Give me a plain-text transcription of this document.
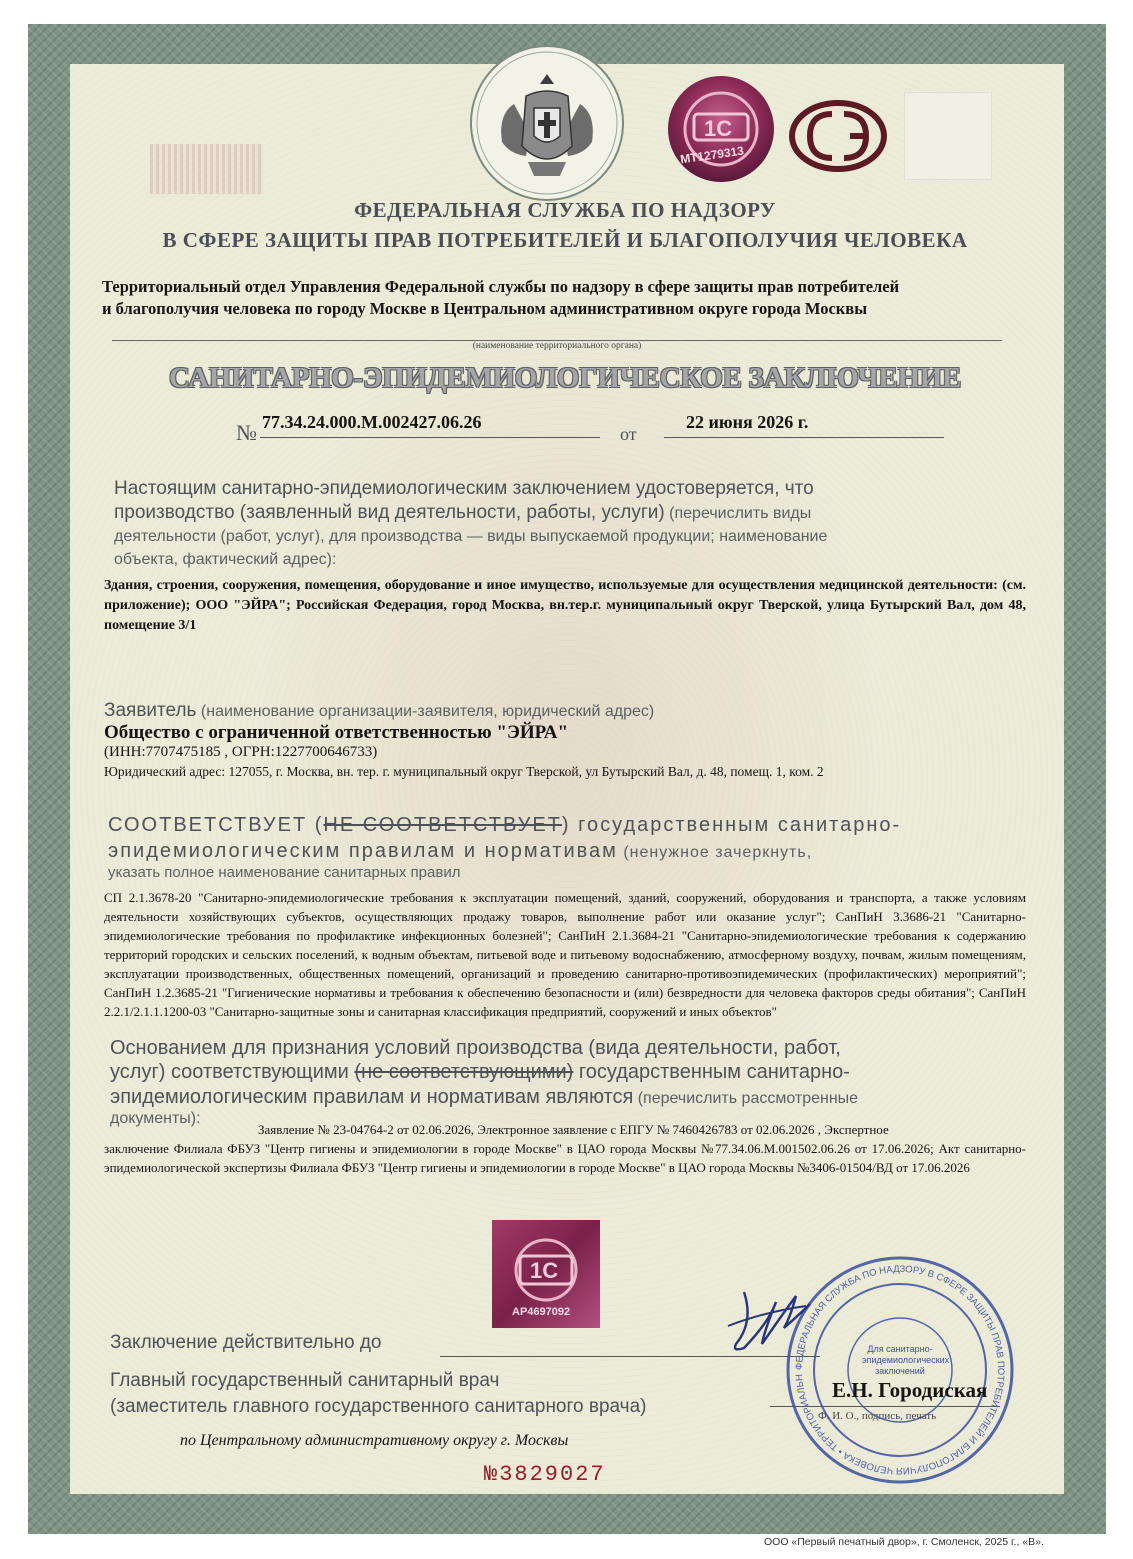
1С
МТ1279313
ФЕДЕРАЛЬНАЯ СЛУЖБА ПО НАДЗОРУ
В СФЕРЕ ЗАЩИТЫ ПРАВ ПОТРЕБИТЕЛЕЙ И БЛАГОПОЛУЧИЯ ЧЕЛОВЕКА
Территориальный отдел Управления Федеральной службы по надзору в сфере защиты прав потребителей
и благополучия человека по городу Москве в Центральном административном округе города Москвы
(наименование территориального органа)
САНИТАРНО-ЭПИДЕМИОЛОГИЧЕСКОЕ ЗАКЛЮЧЕНИЕ
№ 77.34.24.000.М.002427.06.26
от
22 июня 2026 г.
Настоящим санитарно-эпидемиологическим заключением удостоверяется, что
производство (заявленный вид деятельности, работы, услуги) (перечислить виды
деятельности (работ, услуг), для производства — виды выпускаемой продукции; наименование
объекта, фактический адрес):
Здания, строения, сооружения, помещения, оборудование и иное имущество, используемые для осуществления медицинской деятельности: (см. приложение); ООО "ЭЙРА"; Российская Федерация, город Москва, вн.тер.г. муниципальный округ Тверской, улица Бутырский Вал, дом 48, помещение 3/1
Заявитель (наименование организации-заявителя, юридический адрес)
Общество с ограниченной ответственностью "ЭЙРА"
(ИНН:7707475185 , ОГРН:1227700646733)
Юридический адрес: 127055, г. Москва, вн. тер. г. муниципальный округ Тверской, ул Бутырский Вал, д. 48, помещ. 1, ком. 2
СООТВЕТСТВУЕТ (НЕ СООТВЕТСТВУЕТ) государственным санитарно-
эпидемиологическим правилам и нормативам (ненужное зачеркнуть,
указать полное наименование санитарных правил
СП 2.1.3678-20 "Санитарно-эпидемиологические требования к эксплуатации помещений, зданий, сооружений, оборудования и транспорта, а также условиям деятельности хозяйствующих субъектов, осуществляющих продажу товаров, выполнение работ или оказание услуг"; СанПиН 3.3686-21 "Санитарно-эпидемиологические требования по профилактике инфекционных болезней"; СанПиН 2.1.3684-21 "Санитарно-эпидемиологические требования к содержанию территорий городских и сельских поселений, к водным объектам, питьевой воде и питьевому водоснабжению, атмосферному воздуху, почвам, жилым помещениям, эксплуатации производственных, общественных помещений, организаций и проведению санитарно-противоэпидемических (профилактических) мероприятий"; СанПиН 1.2.3685-21 "Гигиенические нормативы и требования к обеспечению безопасности и (или) безвредности для человека факторов среды обитания"; СанПиН 2.2.1/2.1.1.1200-03 "Санитарно-защитные зоны и санитарная классификация предприятий, сооружений и иных объектов"
Основанием для признания условий производства (вида деятельности, работ,
услуг) соответствующими (не соответствующими) государственным санитарно-
эпидемиологическим правилам и нормативам являются (перечислить рассмотренные
документы):
Заявление № 23-04764-2 от 02.06.2026, Электронное заявление с ЕПГУ № 7460426783 от 02.06.2026 , Экспертное
заключение Филиала ФБУЗ "Центр гигиены и эпидемиологии в городе Москве" в ЦАО города Москвы №77.34.06.М.001502.06.26 от 17.06.2026; Акт санитарно-эпидемиологической экспертизы Филиала ФБУЗ "Центр гигиены и эпидемиологии в городе Москве" в ЦАО города Москвы №3406-01504/ВД от 17.06.2026
1С
АР4697092
Заключение действительно до
Главный государственный санитарный врач
(заместитель главного государственного санитарного врача)
по Центральному административному округу г. Москвы
Ф. И. О., подпись, печать
ФЕДЕРАЛЬНАЯ СЛУЖБА ПО НАДЗОРУ В СФЕРЕ ЗАЩИТЫ ПРАВ ПОТРЕБИТЕЛЕЙ И БЛАГОПОЛУЧИЯ ЧЕЛОВЕКА • ТЕРРИТОРИАЛЬН
Для санитарно-эпидемиологических заключений
Е.Н. Городиская
№3829027
ООО «Первый печатный двор», г. Смоленск, 2025 г., «В».
